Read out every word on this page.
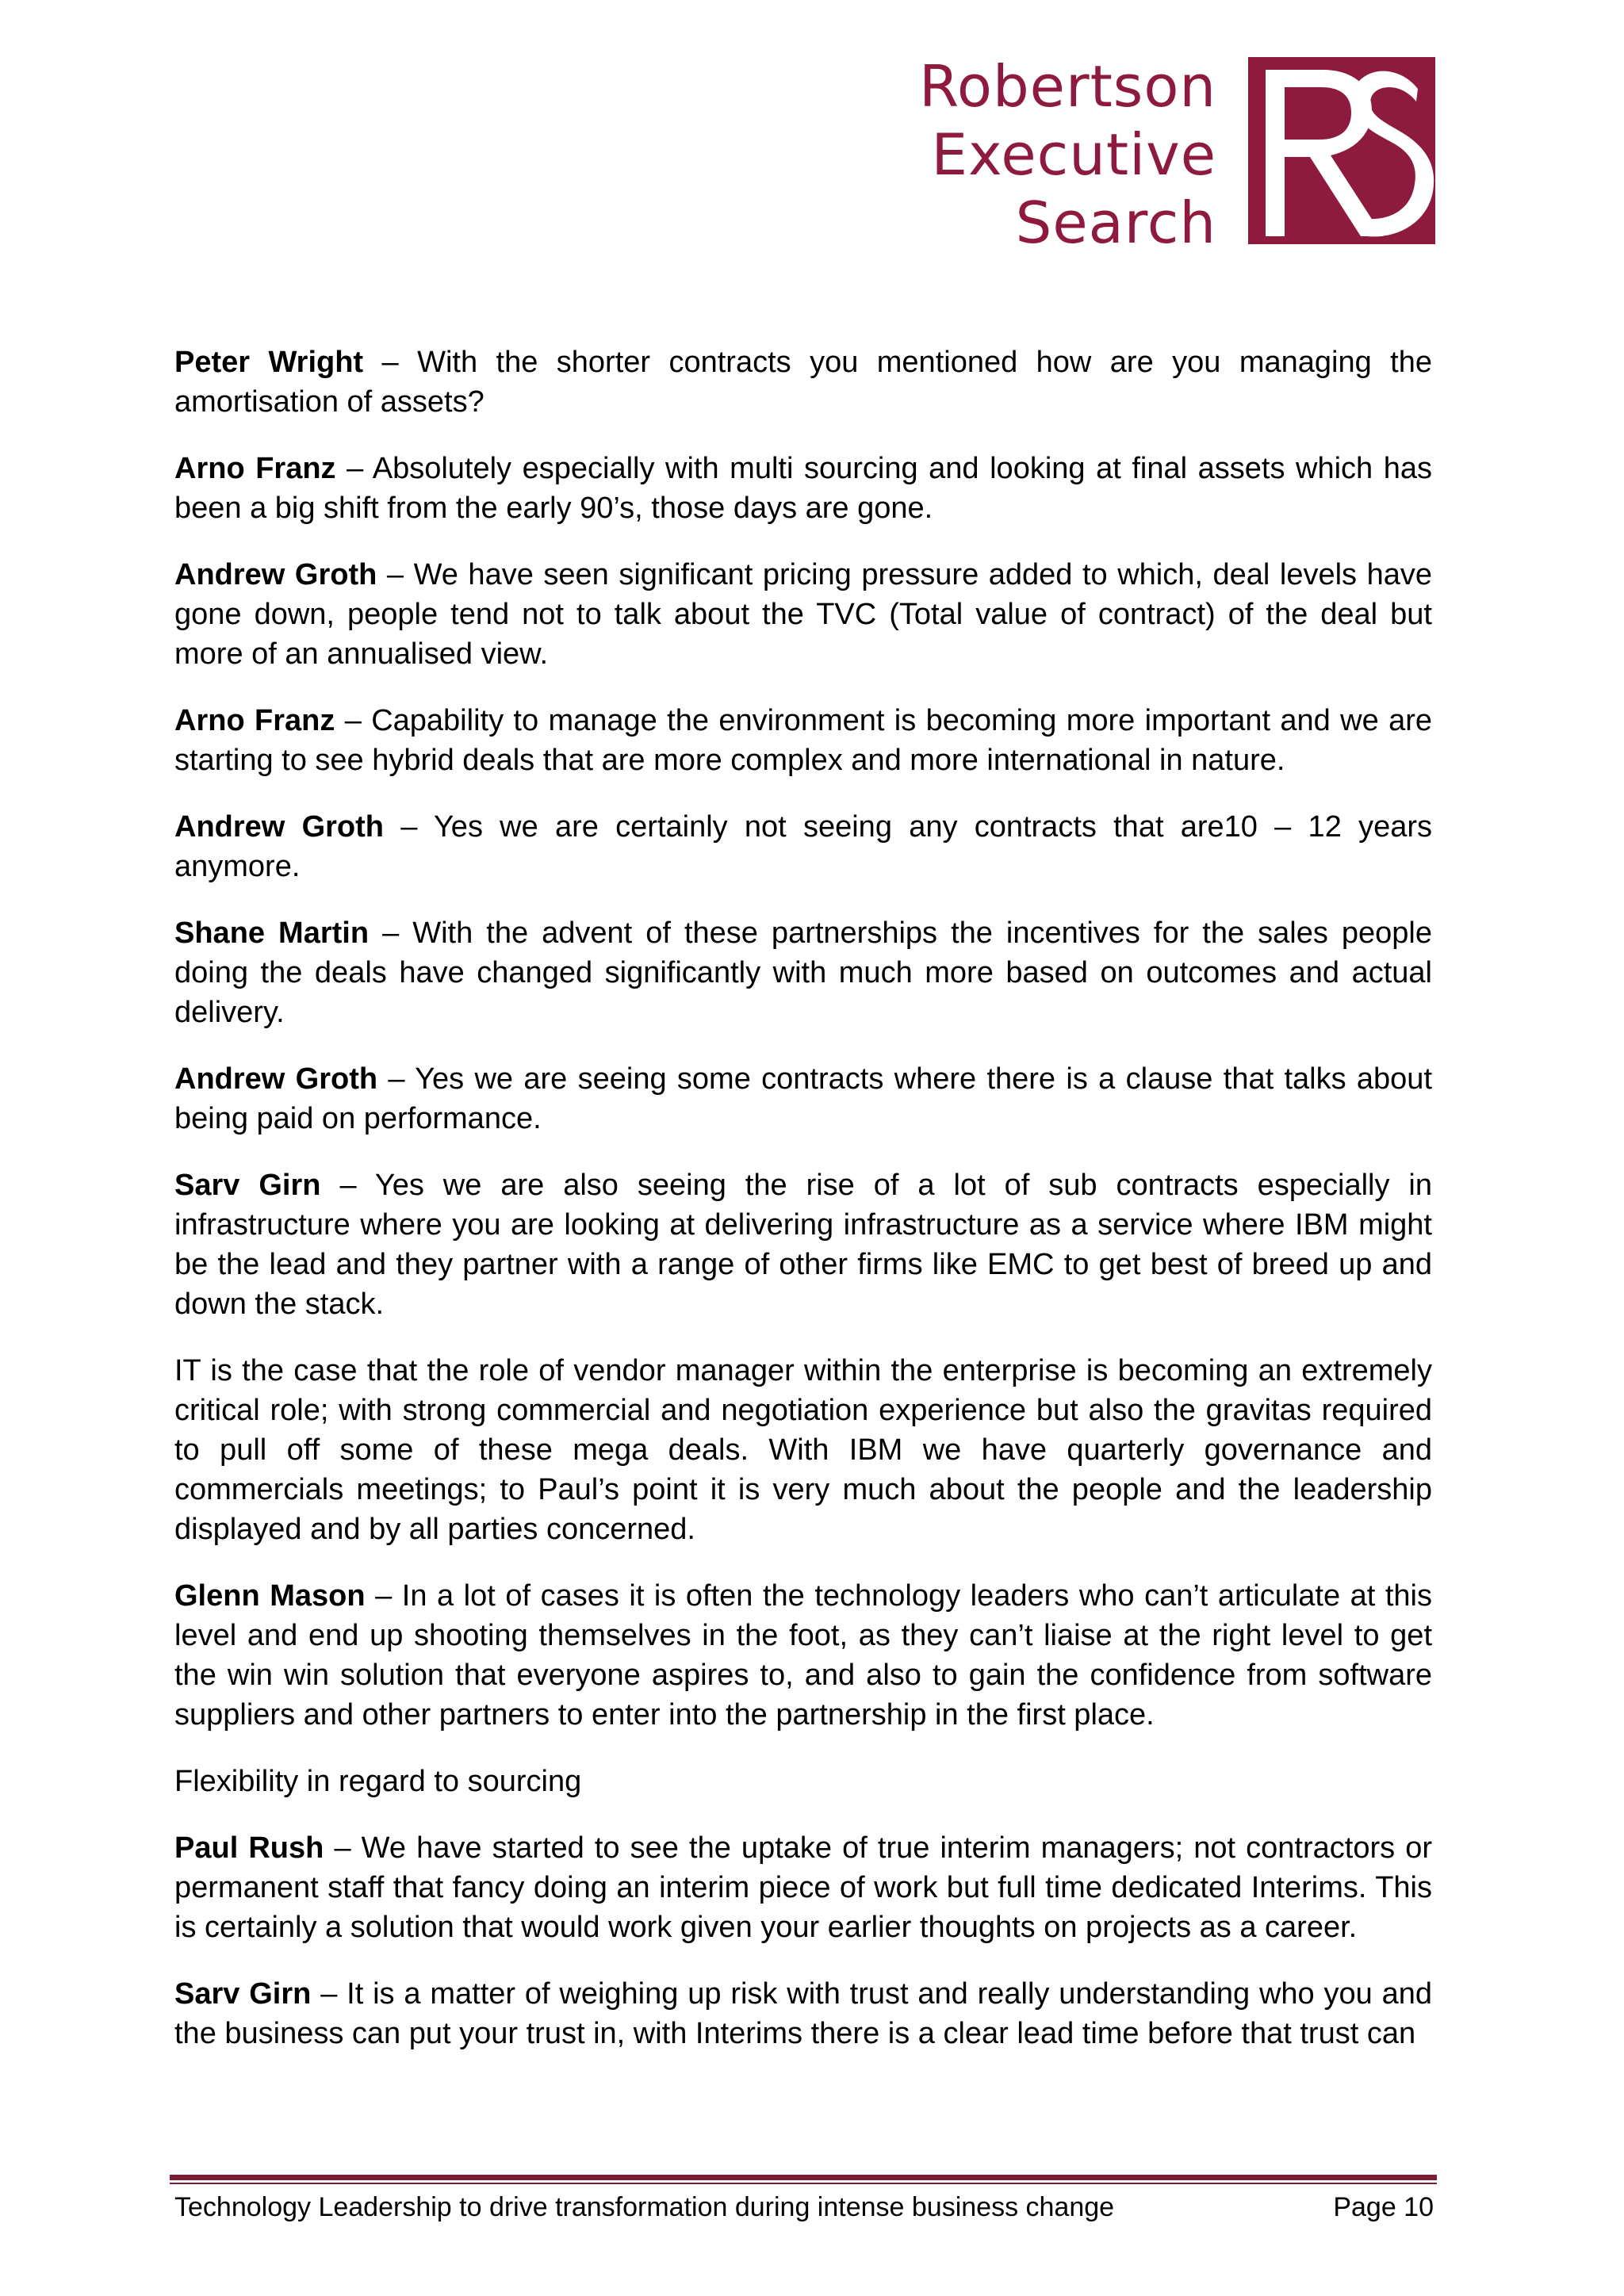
Robertson
Executive
Search

Peter Wright – With the shorter contracts you mentioned how are you managing the amortisation of assets?

Arno Franz – Absolutely especially with multi sourcing and looking at final assets which has been a big shift from the early 90’s, those days are gone.

Andrew Groth – We have seen significant pricing pressure added to which, deal levels have gone down, people tend not to talk about the TVC (Total value of contract) of the deal but more of an annualised view.

Arno Franz – Capability to manage the environment is becoming more important and we are starting to see hybrid deals that are more complex and more international in nature.

Andrew Groth – Yes we are certainly not seeing any contracts that are10 – 12 years anymore.

Shane Martin – With the advent of these partnerships the incentives for the sales people doing the deals have changed significantly with much more based on outcomes and actual delivery.

Andrew Groth – Yes we are seeing some contracts where there is a clause that talks about being paid on performance.

Sarv Girn – Yes we are also seeing the rise of a lot of sub contracts especially in infrastructure where you are looking at delivering infrastructure as a service where IBM might be the lead and they partner with a range of other firms like EMC to get best of breed up and down the stack.

IT is the case that the role of vendor manager within the enterprise is becoming an extremely critical role; with strong commercial and negotiation experience but also the gravitas required to pull off some of these mega deals. With IBM we have quarterly governance and commercials meetings; to Paul’s point it is very much about the people and the leadership displayed and by all parties concerned.

Glenn Mason – In a lot of cases it is often the technology leaders who can’t articulate at this level and end up shooting themselves in the foot, as they can’t liaise at the right level to get the win win solution that everyone aspires to, and also to gain the confidence from software suppliers and other partners to enter into the partnership in the first place.

Flexibility in regard to sourcing

Paul Rush – We have started to see the uptake of true interim managers; not contractors or permanent staff that fancy doing an interim piece of work but full time dedicated Interims. This is certainly a solution that would work given your earlier thoughts on projects as a career.

Sarv Girn – It is a matter of weighing up risk with trust and really understanding who you and the business can put your trust in, with Interims there is a clear lead time before that trust can

Technology Leadership to drive transformation during intense business change	Page 10
